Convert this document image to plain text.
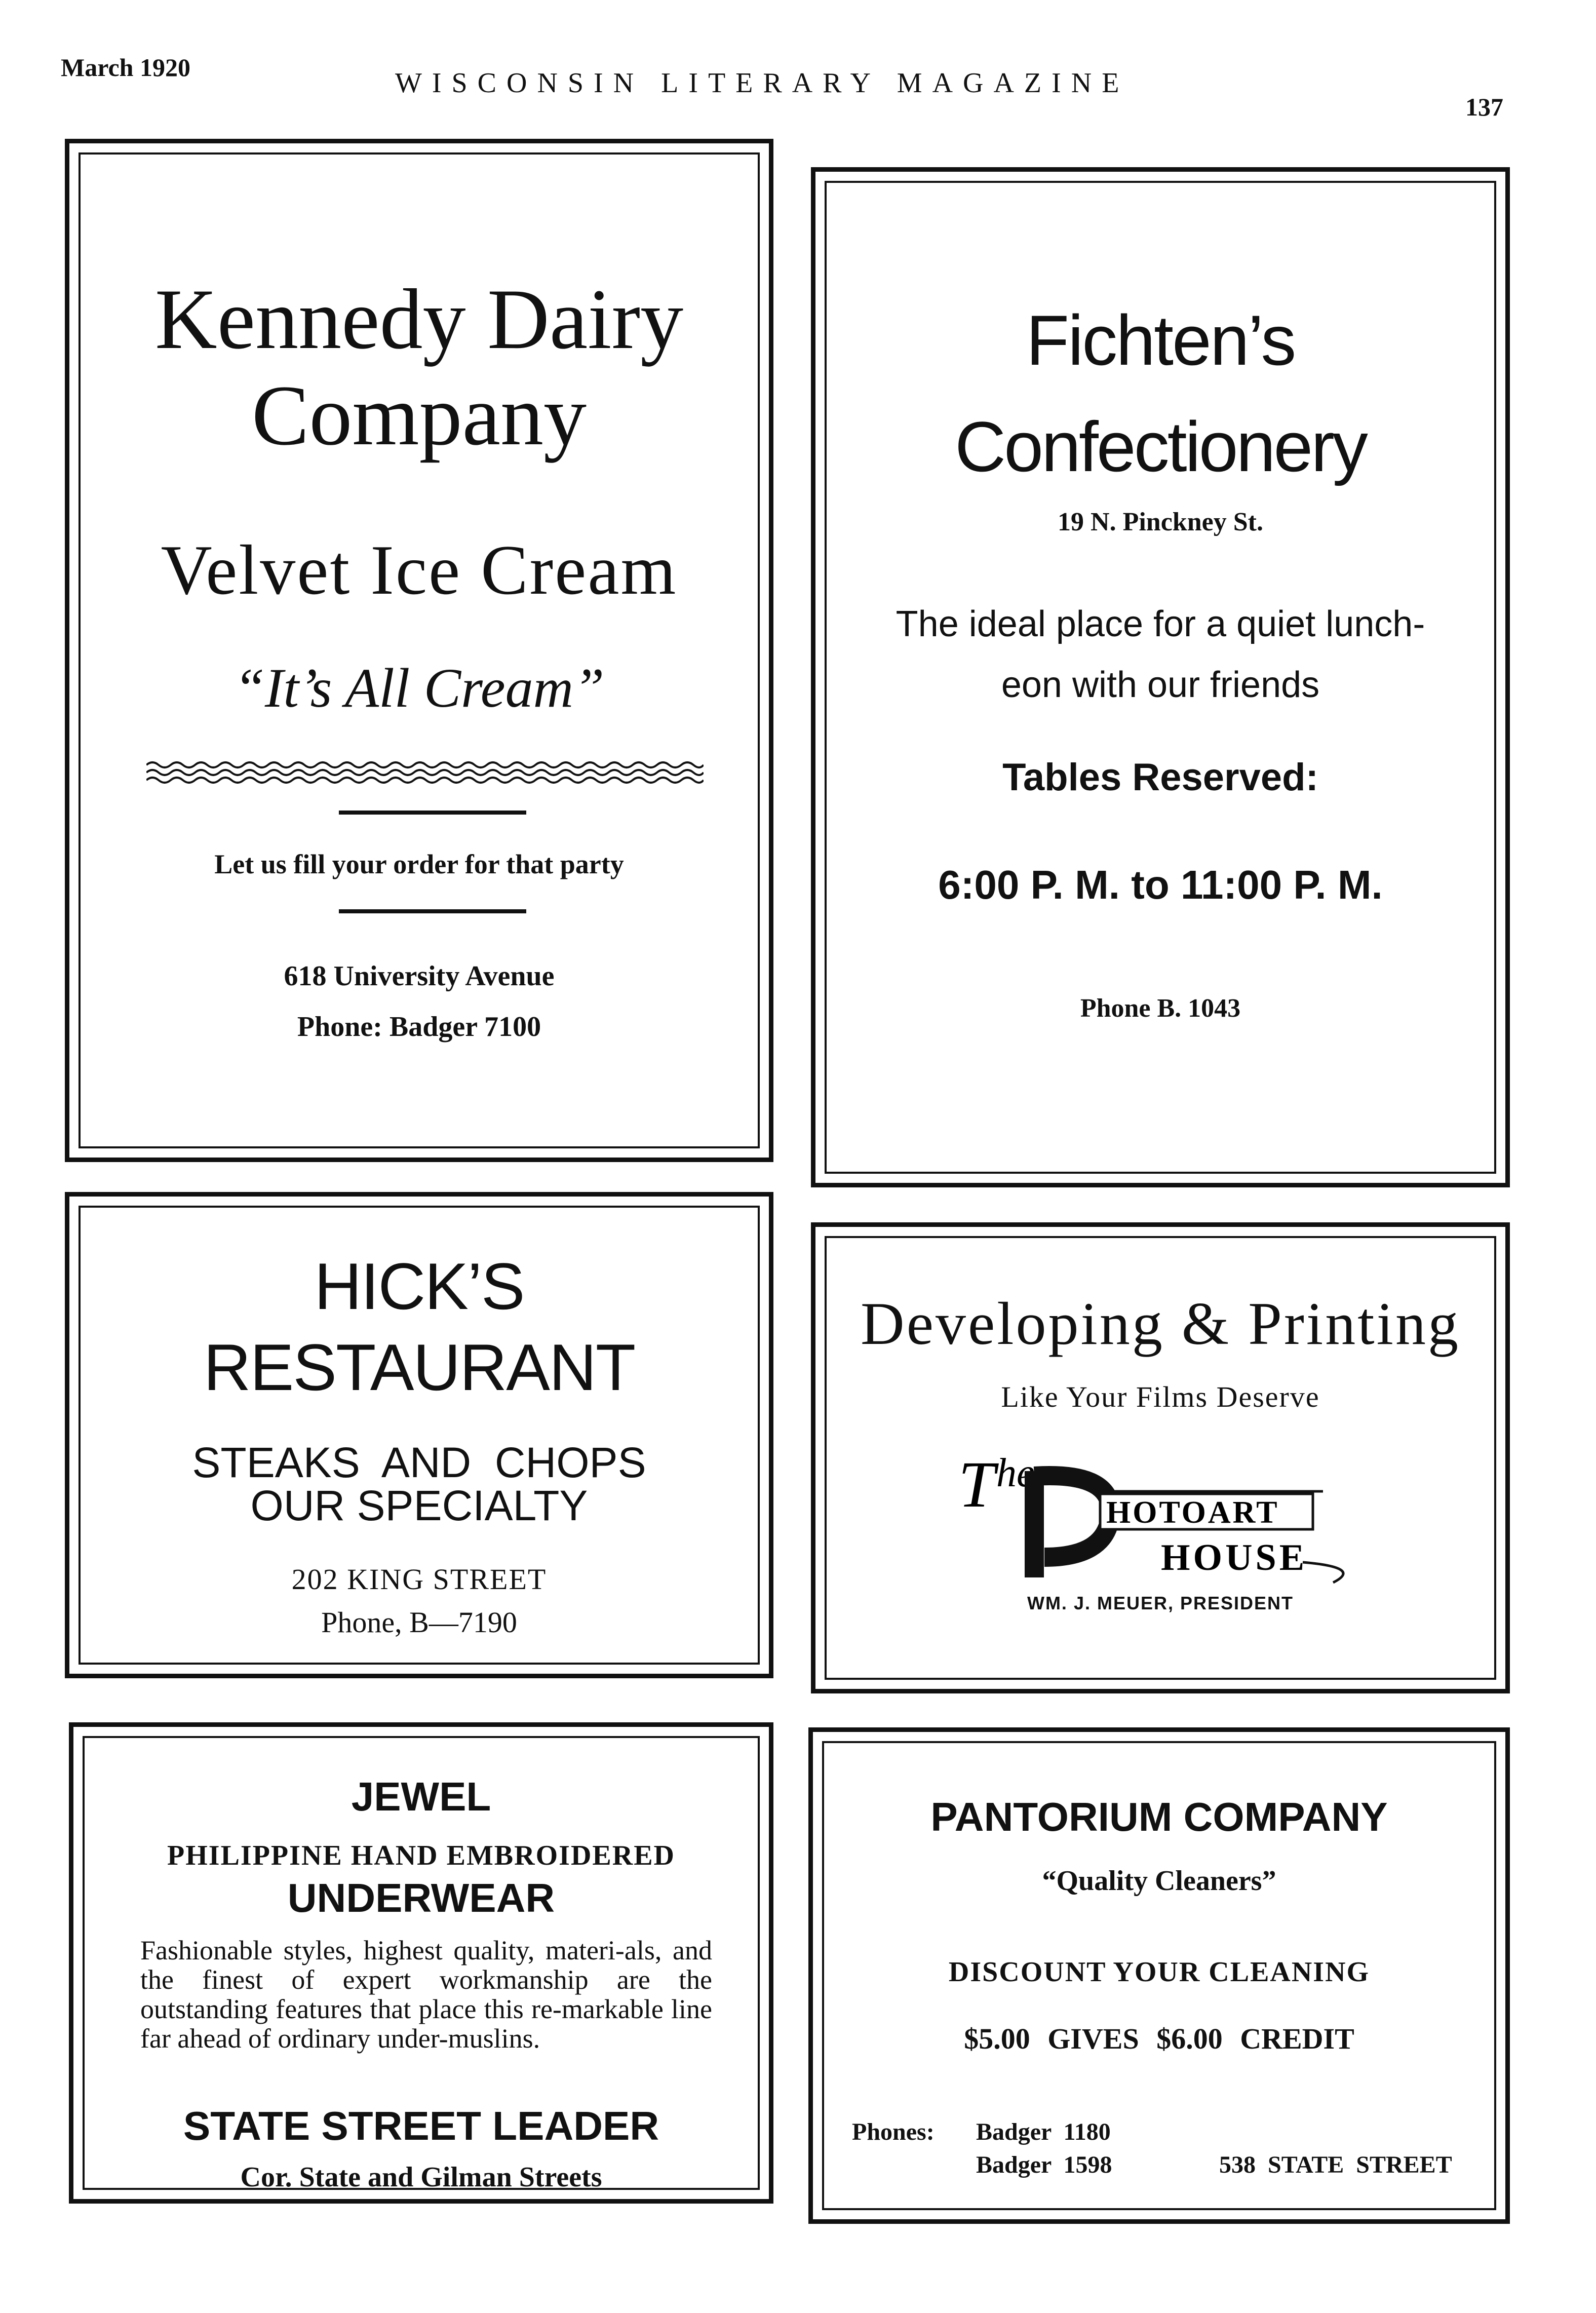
March 1920	WISCONSIN LITERARY MAGAZINE
137
Kennedy Dairy
Company
Velvet Ice Cream
“It’s All Cream”
Let us fill your order for that party
618 University Avenue
Phone: Badger 7100
Fichten’s
Confectionery
19 N. Pinckney St.
The ideal place for a quiet lunch-
eon with our friends
Tables Reserved:
6:00 P. M. to 11:00 P. M.
Phone B. 1043
HICK’S
RESTAURANT
STEAKS  AND  CHOPS
OUR SPECIALTY
202 KING STREET
Phone, B—7190
Developing & Printing
Like Your Films Deserve
T he
HOTOART
HOUSE
WM. J. MEUER, PRESIDENT
JEWEL
PHILIPPINE HAND EMBROIDERED
UNDERWEAR
Fashionable styles, highest quality, materi-als, and the finest of expert workmanship are the outstanding features that place this re-markable line far ahead of ordinary under-muslins.
STATE STREET LEADER
Cor. State and Gilman Streets
PANTORIUM COMPANY
“Quality Cleaners”
DISCOUNT YOUR CLEANING
$5.00 GIVES $6.00 CREDIT
Phones: Badger  1180
Badger  1598	538  STATE  STREET
